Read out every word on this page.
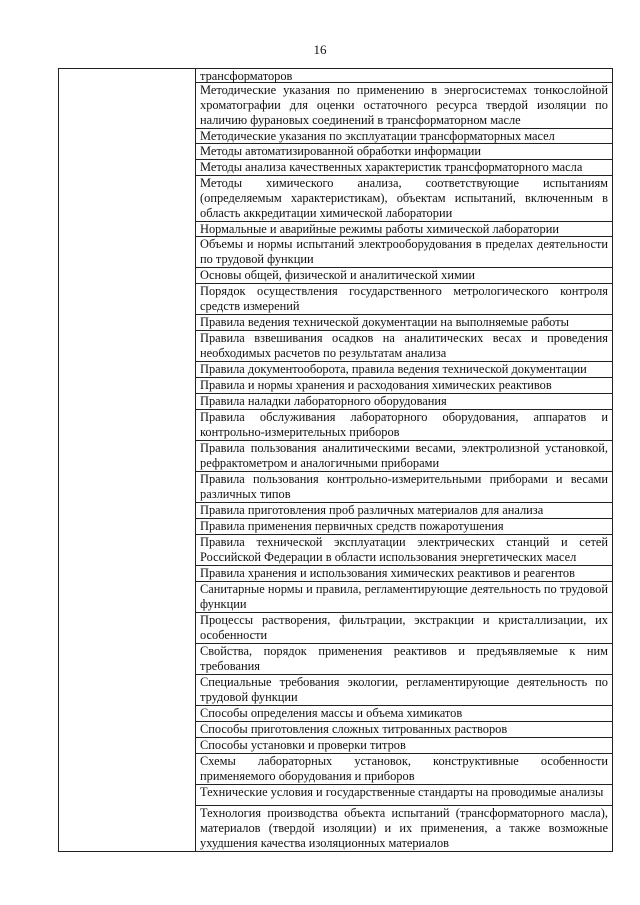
16
трансформаторов
Методические указания по применению в энергосистемах тонкослойной хроматографии для оценки остаточного ресурса твердой изоляции по наличию фурановых соединений в трансформаторном масле
Методические указания по эксплуатации трансформаторных масел
Методы автоматизированной обработки информации
Методы анализа качественных характеристик трансформаторного масла
Методы химического анализа, соответствующие испытаниям (определяемым характеристикам), объектам испытаний, включенным в область аккредитации химической лаборатории
Нормальные и аварийные режимы работы химической лаборатории
Объемы и нормы испытаний электрооборудования в пределах деятельности по трудовой функции
Основы общей, физической и аналитической химии
Порядок осуществления государственного метрологического контроля средств измерений
Правила ведения технической документации на выполняемые работы
Правила взвешивания осадков на аналитических весах и проведения необходимых расчетов по результатам анализа
Правила документооборота, правила ведения технической документации
Правила и нормы хранения и расходования химических реактивов
Правила наладки лабораторного оборудования
Правила обслуживания лабораторного оборудования, аппаратов и контрольно-измерительных приборов
Правила пользования аналитическими весами, электролизной установкой, рефрактометром и аналогичными приборами
Правила пользования контрольно-измерительными приборами и весами различных типов
Правила приготовления проб различных материалов для анализа
Правила применения первичных средств пожаротушения
Правила технической эксплуатации электрических станций и сетей Российской Федерации в области использования энергетических масел
Правила хранения и использования химических реактивов и реагентов
Санитарные нормы и правила, регламентирующие деятельность по трудовой функции
Процессы растворения, фильтрации, экстракции и кристаллизации, их особенности
Свойства, порядок применения реактивов и предъявляемые к ним требования
Специальные требования экологии, регламентирующие деятельность по трудовой функции
Способы определения массы и объема химикатов
Способы приготовления сложных титрованных растворов
Способы установки и проверки титров
Схемы лабораторных установок, конструктивные особенности применяемого оборудования и приборов
Технические условия и государственные стандарты на проводимые анализы
Технология производства объекта испытаний (трансформаторного масла), материалов (твердой изоляции) и их применения, а также возможные ухудшения качества изоляционных материалов
